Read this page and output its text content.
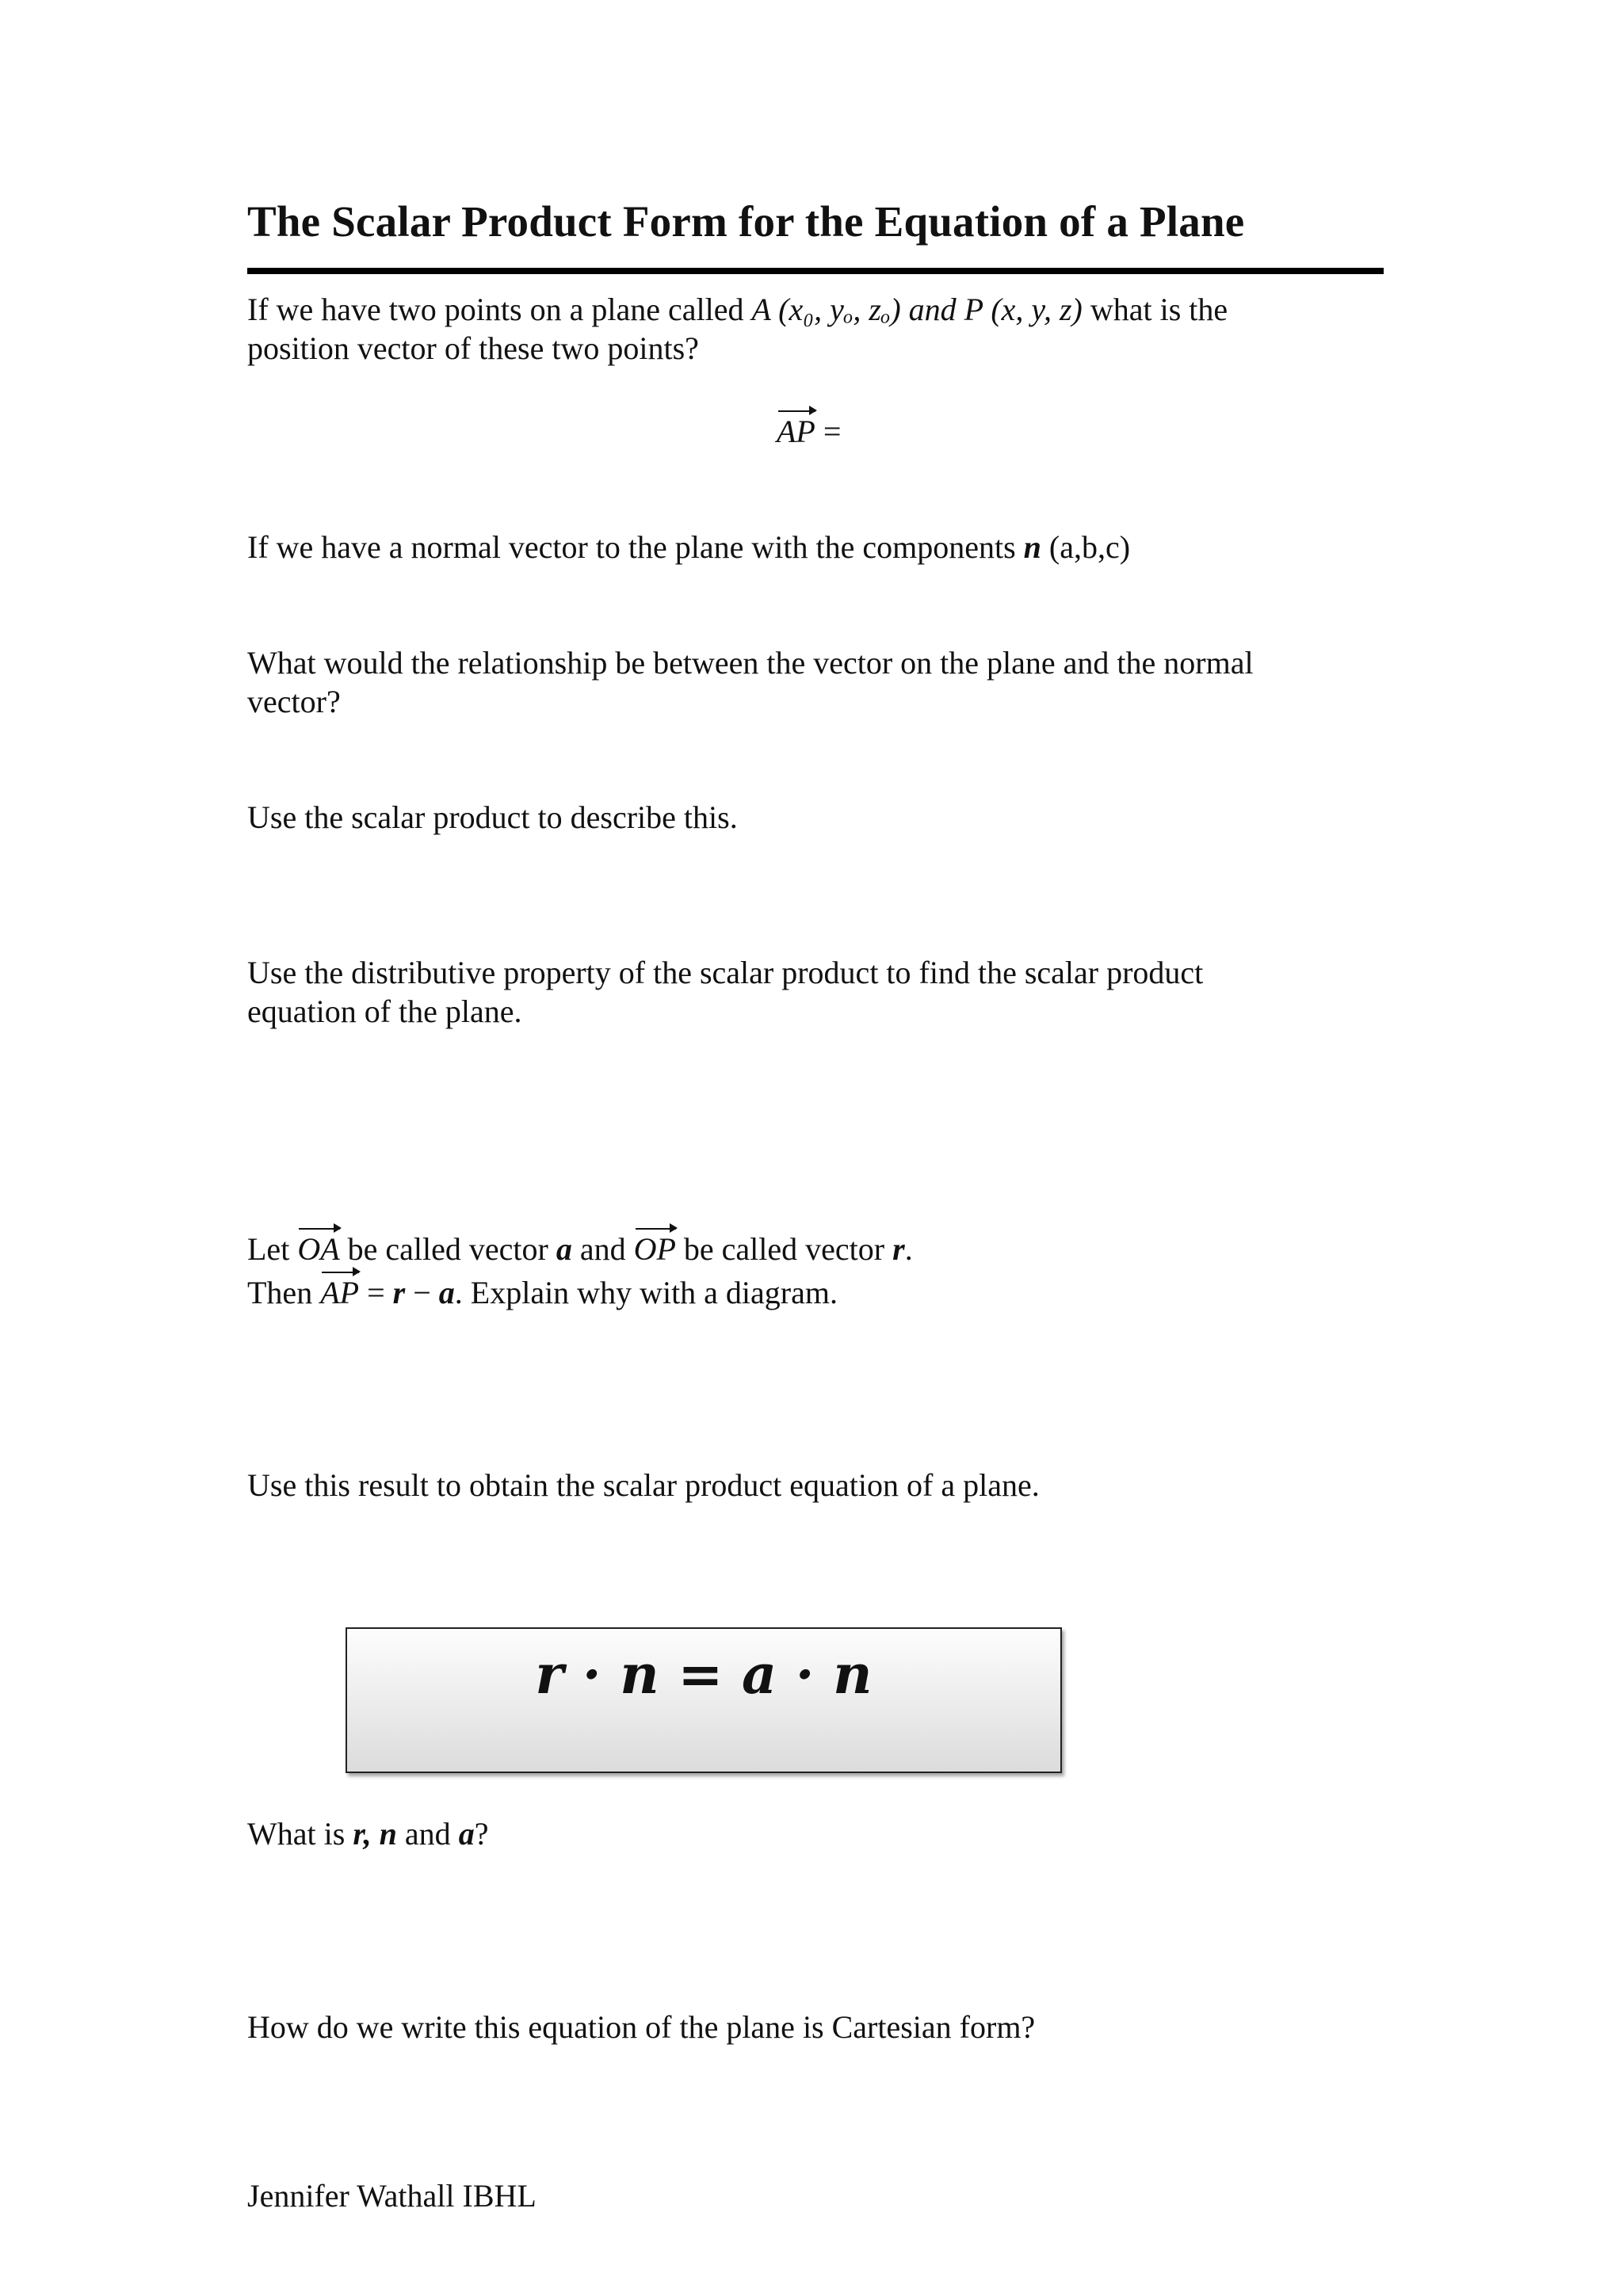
The Scalar Product Form for the Equation of a Plane
If we have two points on a plane called A (x₀, yₒ, zₒ) and P (x, y, z) what is the
position vector of these two points?
AP =
If we have a normal vector to the plane with the components n (a,b,c)
What would the relationship be between the vector on the plane and the normal
vector?
Use the scalar product to describe this.
Use the distributive property of the scalar product to find the scalar product
equation of the plane.
Let OA be called vector a and OP be called vector r.
Then AP = r − a. Explain why with a diagram.
Use this result to obtain the scalar product equation of a plane.
r · n = a · n
What is r, n and a?
How do we write this equation of the plane is Cartesian form?
Jennifer Wathall IBHL
